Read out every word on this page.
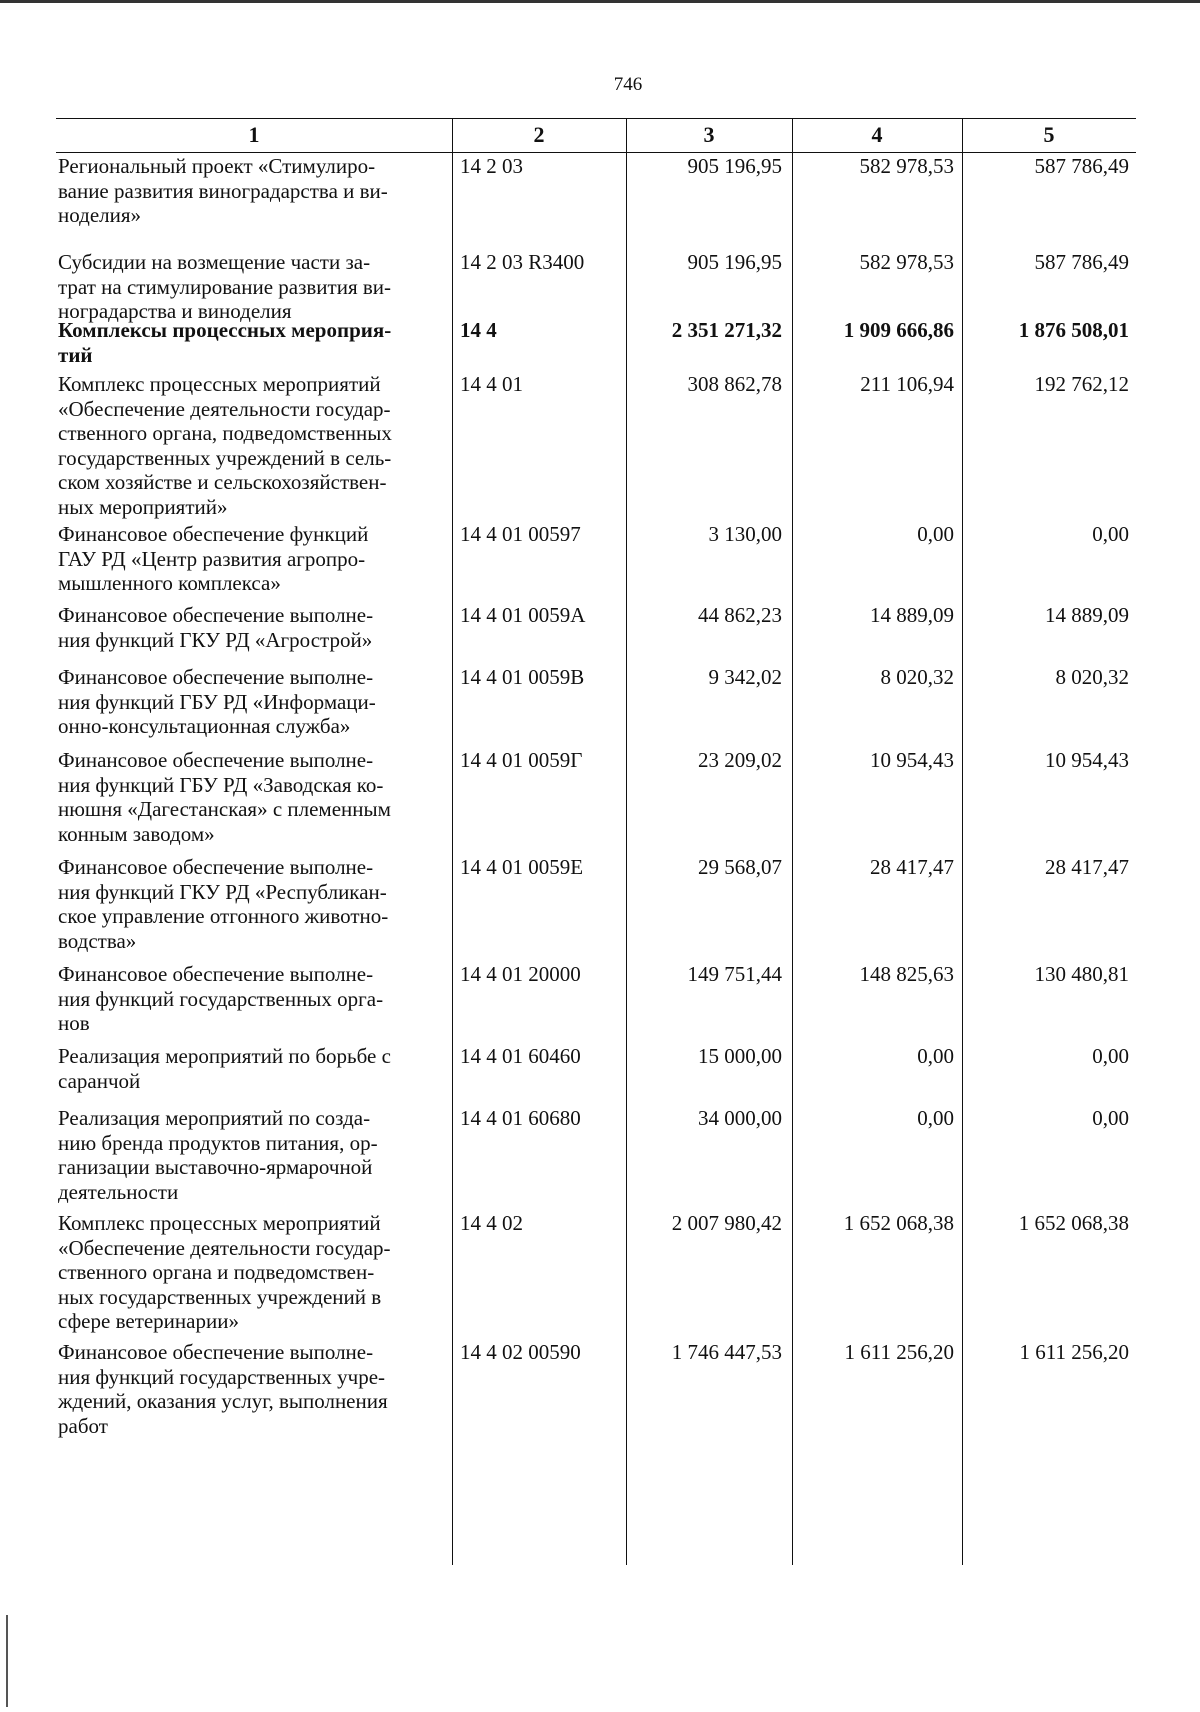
746
1	2	3	4	5
Региональный проект «Стимулиро-
вание развития виноградарства и ви-
ноделия»
14 2 03	905 196,95	582 978,53	587 786,49
Субсидии на возмещение части за-
трат на стимулирование развития ви-
ноградарства и виноделия
14 2 03 R3400	905 196,95	582 978,53	587 786,49
Комплексы процессных мероприя-
тий
14 4	2 351 271,32	1 909 666,86	1 876 508,01
Комплекс процессных мероприятий
«Обеспечение деятельности государ-
ственного органа, подведомственных
государственных учреждений в сель-
ском хозяйстве и сельскохозяйствен-
ных мероприятий»
14 4 01	308 862,78	211 106,94	192 762,12
Финансовое обеспечение функций
ГАУ РД «Центр развития агропро-
мышленного комплекса»
14 4 01 00597	3 130,00	0,00	0,00
Финансовое обеспечение выполне-
ния функций ГКУ РД «Агрострой»
14 4 01 0059А	44 862,23	14 889,09	14 889,09
Финансовое обеспечение выполне-
ния функций ГБУ РД «Информаци-
онно-консультационная служба»
14 4 01 0059В	9 342,02	8 020,32	8 020,32
Финансовое обеспечение выполне-
ния функций ГБУ РД «Заводская ко-
нюшня «Дагестанская» с племенным
конным заводом»
14 4 01 0059Г	23 209,02	10 954,43	10 954,43
Финансовое обеспечение выполне-
ния функций ГКУ РД «Республикан-
ское управление отгонного животно-
водства»
14 4 01 0059Е	29 568,07	28 417,47	28 417,47
Финансовое обеспечение выполне-
ния функций государственных орга-
нов
14 4 01 20000	149 751,44	148 825,63	130 480,81
Реализация мероприятий по борьбе с
саранчой
14 4 01 60460	15 000,00	0,00	0,00
Реализация мероприятий по созда-
нию бренда продуктов питания, ор-
ганизации выставочно-ярмарочной
деятельности
14 4 01 60680	34 000,00	0,00	0,00
Комплекс процессных мероприятий
«Обеспечение деятельности государ-
ственного органа и подведомствен-
ных государственных учреждений в
сфере ветеринарии»
14 4 02	2 007 980,42	1 652 068,38	1 652 068,38
Финансовое обеспечение выполне-
ния функций государственных учре-
ждений, оказания услуг, выполнения
работ
14 4 02 00590	1 746 447,53	1 611 256,20	1 611 256,20
